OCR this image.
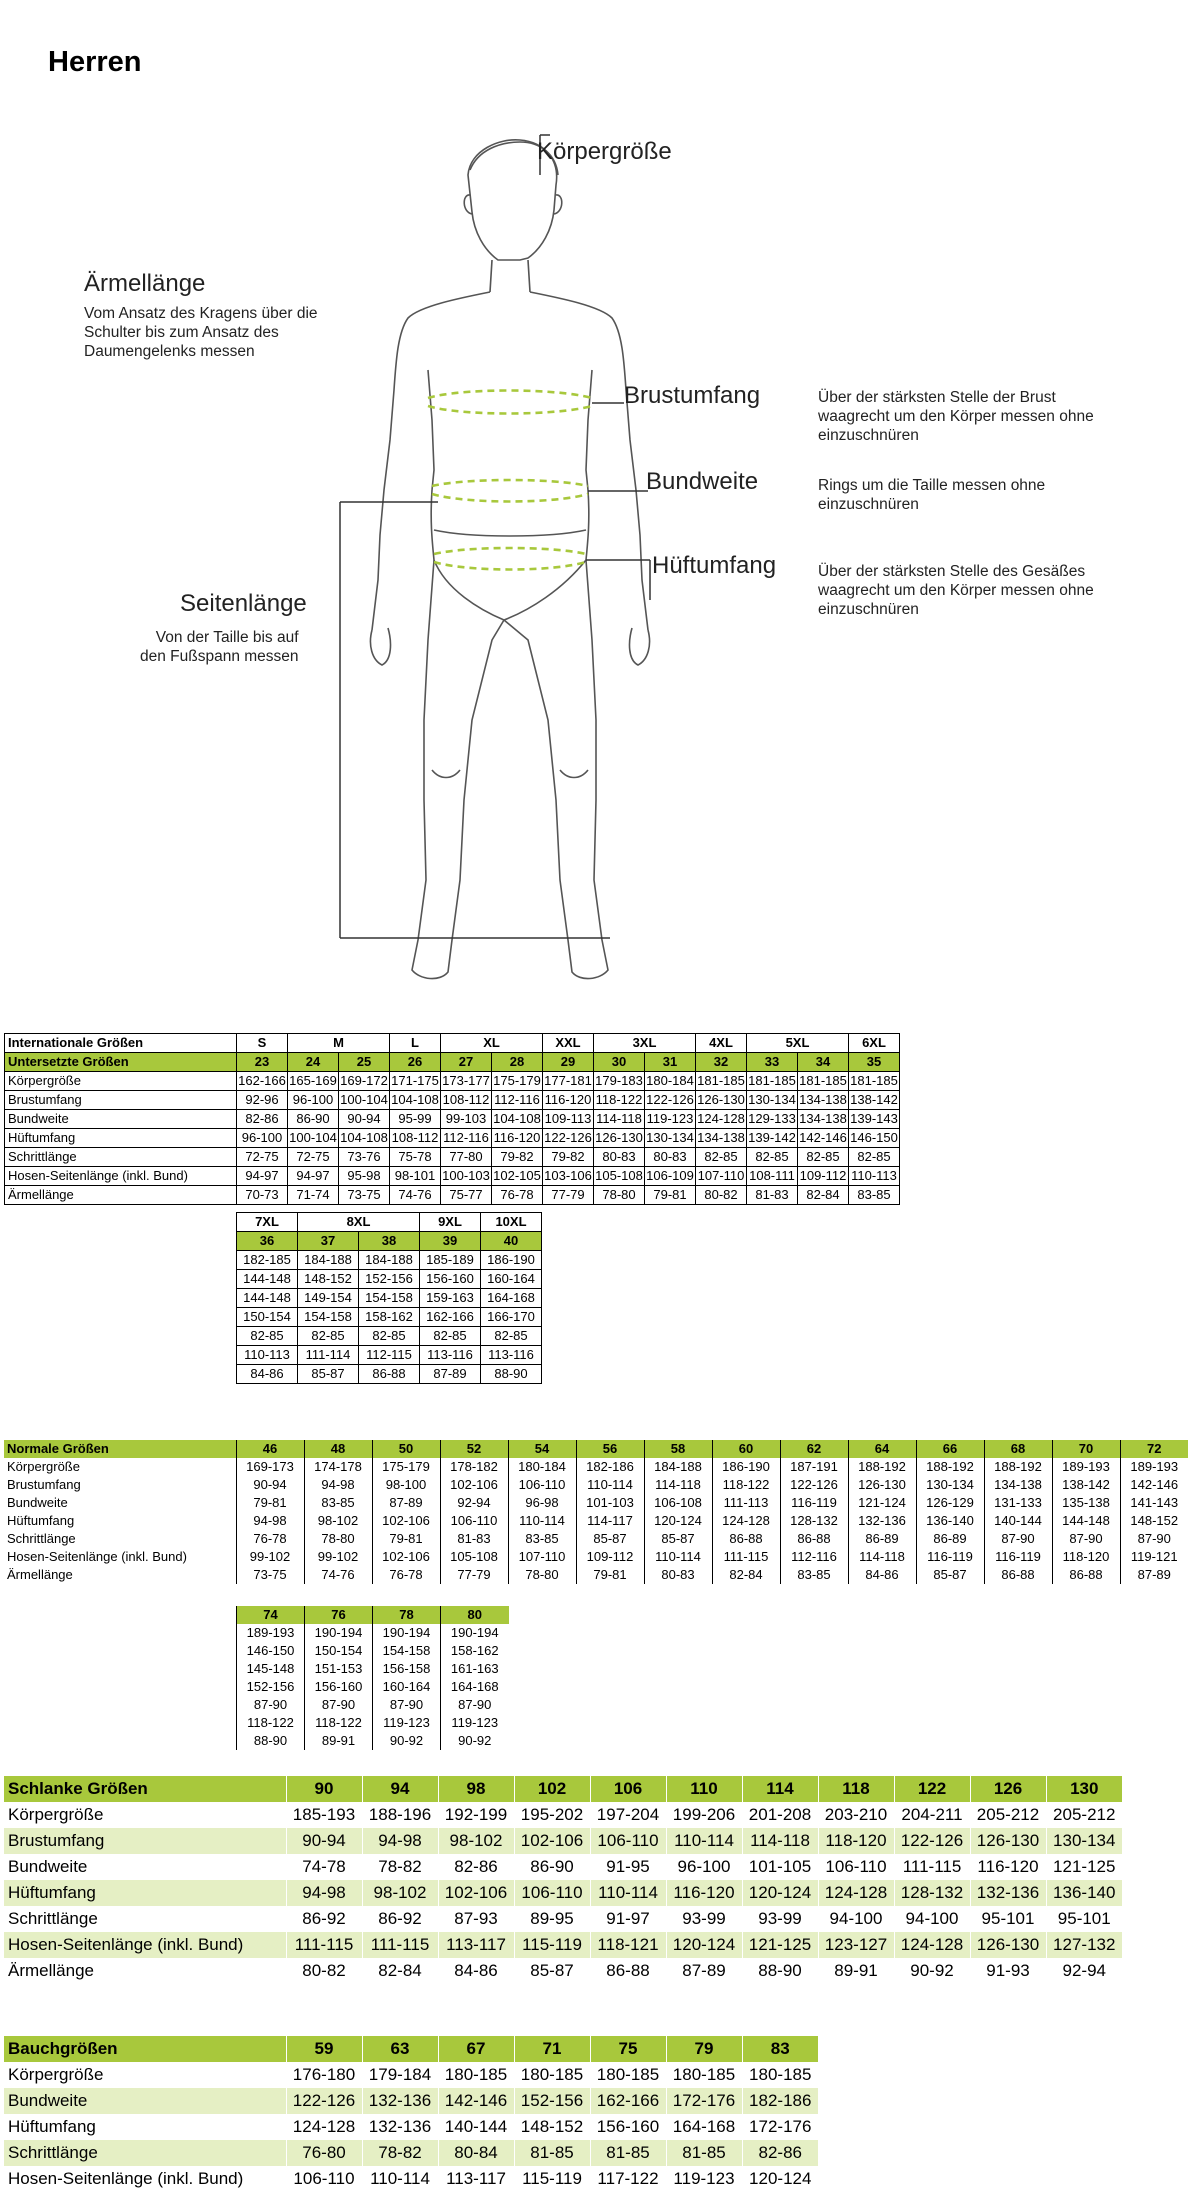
Herren
Körpergröße
Ärmellänge
Vom Ansatz des Kragens über die
Schulter bis zum Ansatz des
Daumengelenks messen
Brustumfang	Über der stärksten Stelle der Brust
waagrecht um den Körper messen ohne
einzuschnüren
Bundweite	Rings um die Taille messen ohne
einzuschnüren
Hüftumfang	Über der stärksten Stelle des Gesäßes
waagrecht um den Körper messen ohne
einzuschnüren
Seitenlänge
Von der Taille bis auf
den Fußspann messen
Internationale Größen	S	M		L	XL		XXL	3XL		4XL	5XL		6XL
Untersetzte Größen	23	24	25	26	27	28	29	30	31	32	33	34	35
Körpergröße	162-166	165-169	169-172	171-175	173-177	175-179	177-181	179-183	180-184	181-185	181-185	181-185	181-185
Brustumfang	92-96	96-100	100-104	104-108	108-112	112-116	116-120	118-122	122-126	126-130	130-134	134-138	138-142
Bundweite	82-86	86-90	90-94	95-99	99-103	104-108	109-113	114-118	119-123	124-128	129-133	134-138	139-143
Hüftumfang	96-100	100-104	104-108	108-112	112-116	116-120	122-126	126-130	130-134	134-138	139-142	142-146	146-150
Schrittlänge	72-75	72-75	73-76	75-78	77-80	79-82	79-82	80-83	80-83	82-85	82-85	82-85	82-85
Hosen-Seitenlänge (inkl. Bund)	94-97	94-97	95-98	98-101	100-103	102-105	103-106	105-108	106-109	107-110	108-111	109-112	110-113
Ärmellänge	70-73	71-74	73-75	74-76	75-77	76-78	77-79	78-80	79-81	80-82	81-83	82-84	83-85
7XL	8XL		9XL	10XL
36	37	38	39	40
182-185	184-188	184-188	185-189	186-190
144-148	148-152	152-156	156-160	160-164
144-148	149-154	154-158	159-163	164-168
150-154	154-158	158-162	162-166	166-170
82-85	82-85	82-85	82-85	82-85
110-113	111-114	112-115	113-116	113-116
84-86	85-87	86-88	87-89	88-90
Normale Größen	46	48	50	52	54	56	58	60	62	64	66	68	70	72
Körpergröße	169-173	174-178	175-179	178-182	180-184	182-186	184-188	186-190	187-191	188-192	188-192	188-192	189-193	189-193
Brustumfang	90-94	94-98	98-100	102-106	106-110	110-114	114-118	118-122	122-126	126-130	130-134	134-138	138-142	142-146
Bundweite	79-81	83-85	87-89	92-94	96-98	101-103	106-108	111-113	116-119	121-124	126-129	131-133	135-138	141-143
Hüftumfang	94-98	98-102	102-106	106-110	110-114	114-117	120-124	124-128	128-132	132-136	136-140	140-144	144-148	148-152
Schrittlänge	76-78	78-80	79-81	81-83	83-85	85-87	85-87	86-88	86-88	86-89	86-89	87-90	87-90	87-90
Hosen-Seitenlänge (inkl. Bund)	99-102	99-102	102-106	105-108	107-110	109-112	110-114	111-115	112-116	114-118	116-119	116-119	118-120	119-121
Ärmellänge	73-75	74-76	76-78	77-79	78-80	79-81	80-83	82-84	83-85	84-86	85-87	86-88	86-88	87-89
74	76	78	80
189-193	190-194	190-194	190-194
146-150	150-154	154-158	158-162
145-148	151-153	156-158	161-163
152-156	156-160	160-164	164-168
87-90	87-90	87-90	87-90
118-122	118-122	119-123	119-123
88-90	89-91	90-92	90-92
Schlanke Größen	90	94	98	102	106	110	114	118	122	126	130
Körpergröße	185-193	188-196	192-199	195-202	197-204	199-206	201-208	203-210	204-211	205-212	205-212
Brustumfang	90-94	94-98	98-102	102-106	106-110	110-114	114-118	118-120	122-126	126-130	130-134
Bundweite	74-78	78-82	82-86	86-90	91-95	96-100	101-105	106-110	111-115	116-120	121-125
Hüftumfang	94-98	98-102	102-106	106-110	110-114	116-120	120-124	124-128	128-132	132-136	136-140
Schrittlänge	86-92	86-92	87-93	89-95	91-97	93-99	93-99	94-100	94-100	95-101	95-101
Hosen-Seitenlänge (inkl. Bund)	111-115	111-115	113-117	115-119	118-121	120-124	121-125	123-127	124-128	126-130	127-132
Ärmellänge	80-82	82-84	84-86	85-87	86-88	87-89	88-90	89-91	90-92	91-93	92-94
Bauchgrößen	59	63	67	71	75	79	83
Körpergröße	176-180	179-184	180-185	180-185	180-185	180-185	180-185
Bundweite	122-126	132-136	142-146	152-156	162-166	172-176	182-186
Hüftumfang	124-128	132-136	140-144	148-152	156-160	164-168	172-176
Schrittlänge	76-80	78-82	80-84	81-85	81-85	81-85	82-86
Hosen-Seitenlänge (inkl. Bund)	106-110	110-114	113-117	115-119	117-122	119-123	120-124
